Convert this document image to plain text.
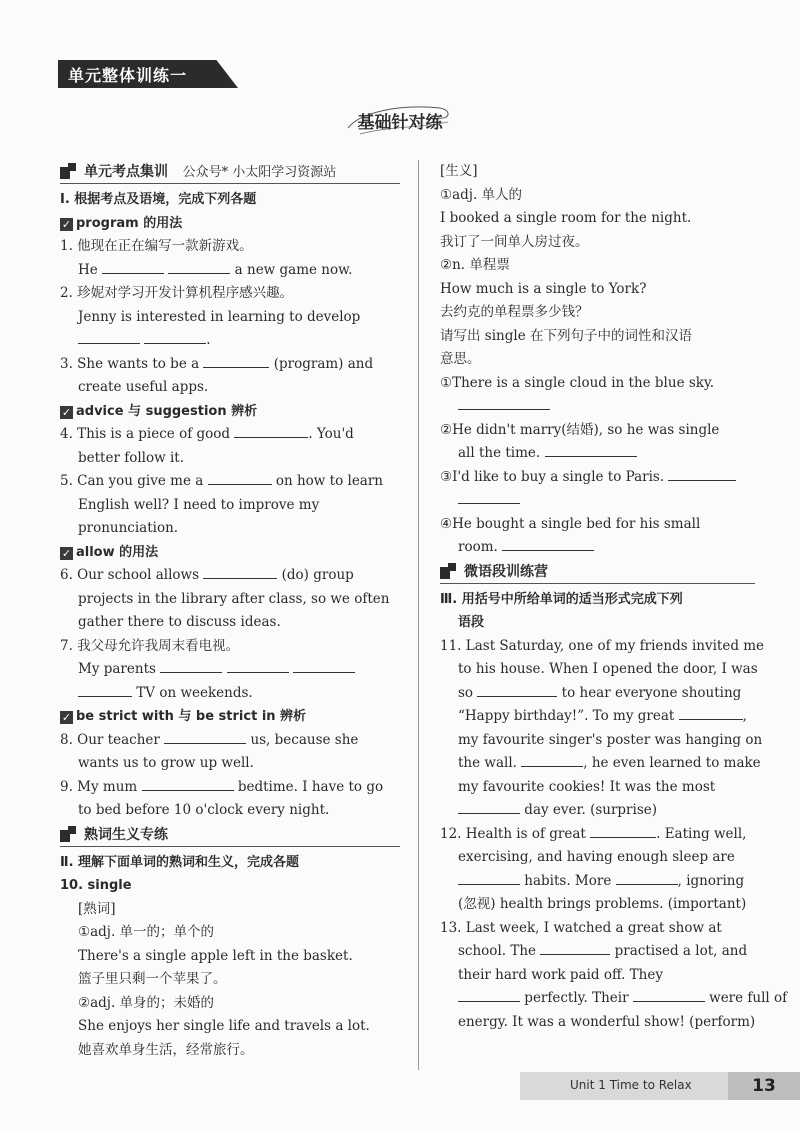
单元整体训练一
基础针对练
单元考点集训 公众号* 小太阳学习资源站
Ⅰ. 根据考点及语境，完成下列各题
✓ program 的用法
1. 他现在正在编写一款新游戏。
He	a new game now.
2. 珍妮对学习开发计算机程序感兴趣。
Jenny is interested in learning to develop
.
3. She wants to be a	(program) and
create useful apps.
✓ advice 与 suggestion 辨析
4. This is a piece of good	. You'd
better follow it.
5. Can you give me a	on how to learn
English well? I need to improve my
pronunciation.
✓ allow 的用法
6. Our school allows	(do) group
projects in the library after class, so we often
gather there to discuss ideas.
7. 我父母允许我周末看电视。
My parents
TV on weekends.
✓ be strict with 与 be strict in 辨析
8. Our teacher	us, because she
wants us to grow up well.
9. My mum	bedtime. I have to go
to bed before 10 o'clock every night.
熟词生义专练
Ⅱ. 理解下面单词的熟词和生义，完成各题
10. single
[熟词]
①adj. 单一的；单个的
There's a single apple left in the basket.
篮子里只剩一个苹果了。
②adj. 单身的；未婚的
She enjoys her single life and travels a lot.
她喜欢单身生活，经常旅行。
[生义]
①adj. 单人的
I booked a single room for the night.
我订了一间单人房过夜。
②n. 单程票
How much is a single to York?
去约克的单程票多少钱？
请写出 single 在下列句子中的词性和汉语
意思。
①There is a single cloud in the blue sky.
②He didn't marry(结婚), so he was single
all the time.
③I'd like to buy a single to Paris.
④He bought a single bed for his small
room.
微语段训练营
Ⅲ. 用括号中所给单词的适当形式完成下列
语段
11. Last Saturday, one of my friends invited me
to his house. When I opened the door, I was
so	to hear everyone shouting
“Happy birthday!”. To my great	,
my favourite singer's poster was hanging on
the wall.	, he even learned to make
my favourite cookies! It was the most
day ever. (surprise)
12. Health is of great	. Eating well,
exercising, and having enough sleep are
habits. More	, ignoring
(忽视) health brings problems. (important)
13. Last week, I watched a great show at
school. The	practised a lot, and
their hard work paid off. They
perfectly. Their	were full of
energy. It was a wonderful show! (perform)
Unit 1 Time to Relax	13
